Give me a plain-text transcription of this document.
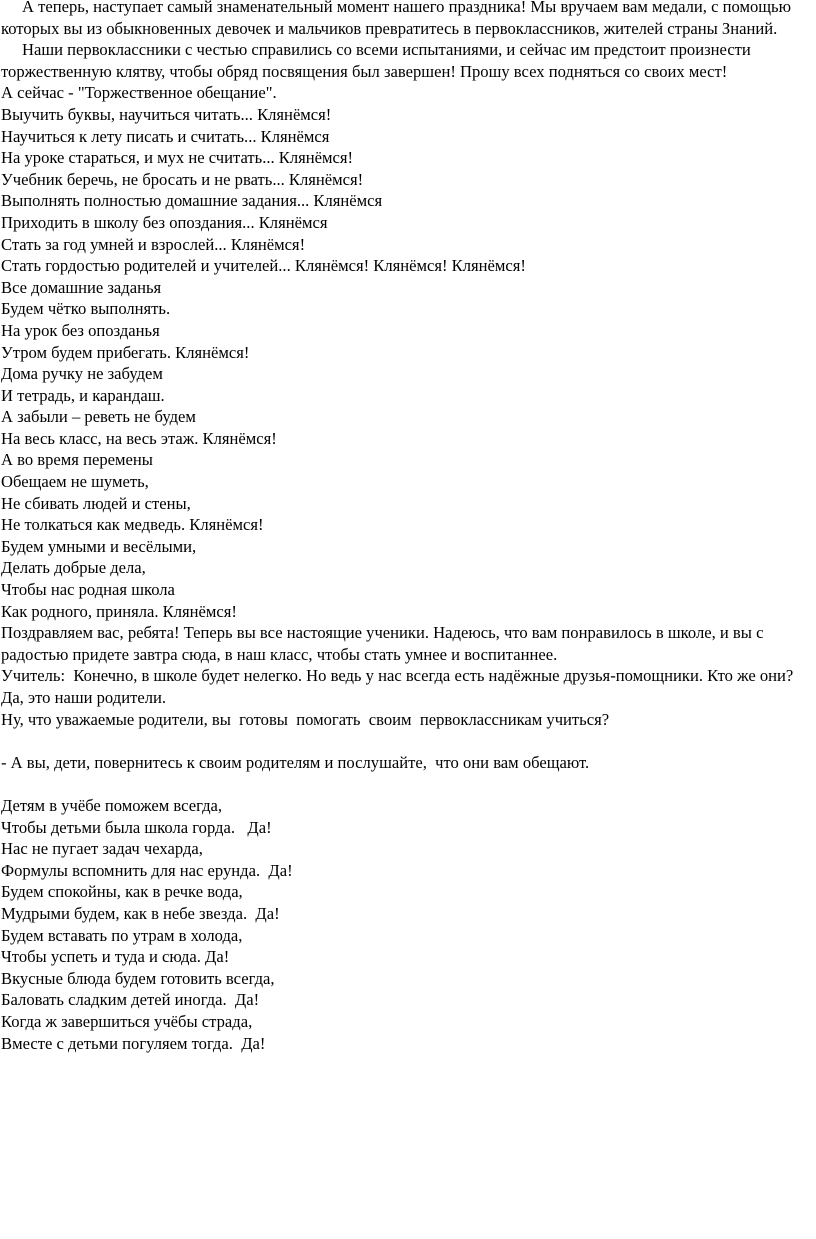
А теперь, наступает самый знаменательный момент нашего праздника! Мы вручаем вам медали, с помощью которых вы из обыкновенных девочек и мальчиков превратитесь в первоклассников, жителей страны Знаний.

Наши первоклассники с честью справились со всеми испытаниями, и сейчас им предстоит произнести торжественную клятву, чтобы обряд посвящения был завершен! Прошу всех подняться со своих мест!

А сейчас - "Торжественное обещание".
Выучить буквы, научиться читать... Клянёмся!
Научиться к лету писать и считать... Клянёмся
На уроке стараться, и мух не считать... Клянёмся!
Учебник беречь, не бросать и не рвать... Клянёмся!
Выполнять полностью домашние задания... Клянёмся
Приходить в школу без опоздания... Клянёмся
Стать за год умней и взрослей... Клянёмся!
Стать гордостью родителей и учителей... Клянёмся! Клянёмся! Клянёмся!
Все домашние заданья
Будем чётко выполнять.
На урок без опозданья
Утром будем прибегать. Клянёмся!
Дома ручку не забудем
И тетрадь, и карандаш.
А забыли – реветь не будем
На весь класс, на весь этаж. Клянёмся!
А во время перемены
Обещаем не шуметь,
Не сбивать людей и стены,
Не толкаться как медведь. Клянёмся!
Будем умными и весёлыми,
Делать добрые дела,
Чтобы нас родная школа
Как родного, приняла. Клянёмся!

Поздравляем вас, ребята! Теперь вы все настоящие ученики. Надеюсь, что вам понравилось в школе, и вы с радостью придете завтра сюда, в наш класс, чтобы стать умнее и воспитаннее.

Учитель:  Конечно, в школе будет нелегко. Но ведь у нас всегда есть надёжные друзья-помощники. Кто же они? Да, это наши родители.

Ну, что уважаемые родители, вы  готовы  помогать  своим  первоклассникам учиться?
- А вы, дети, повернитесь к своим родителям и послушайте,  что они вам обещают.
Детям в учёбе поможем всегда,
Чтобы детьми была школа горда.   Да!
Нас не пугает задач чехарда,
Формулы вспомнить для нас ерунда.  Да!
Будем спокойны, как в речке вода,
Мудрыми будем, как в небе звезда.  Да!
Будем вставать по утрам в холода,
Чтобы успеть и туда и сюда. Да!
Вкусные блюда будем готовить всегда,
Баловать сладким детей иногда.  Да!
Когда ж завершиться учёбы страда,
Вместе с детьми погуляем тогда.  Да!
